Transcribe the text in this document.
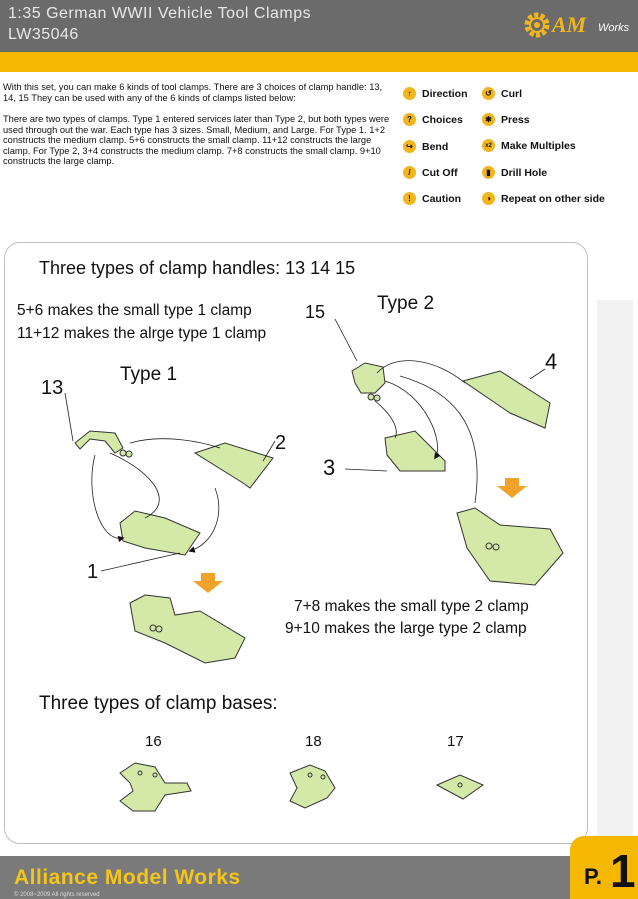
1:35 German WWII Vehicle Tool Clamps
LW35046	AM Works

With this set, you can make 6 kinds of tool clamps. There are 3 choices of clamp handle: 13, 14, 15 They can be used with any of the 6 kinds of clamps listed below:

There are two types of clamps. Type 1 entered services later than Type 2, but both types were used through out the war. Each type has 3 sizes. Small, Medium, and Large. For Type 1. 1+2 constructs the medium clamp. 5+6 constructs the small clamp. 11+12 constructs the large clamp. For Type 2, 3+4 constructs the medium clamp. 7+8 constructs the small clamp. 9+10 constructs the large clamp.

↑	Direction	↺ Curl
? Choices	✱ Press
↪ Bend	x2 Make Multiples
/	Cut Off	▮ Drill Hole
!	Caution	◑ Repeat on other side
Three types of clamp handles: 13 14 15
5+6 makes the small type 1 clamp
11+12 makes the alrge type 1 clamp
15	Type 2
Type 1
13
4
2
3
1
7+8 makes the small type 2 clamp
9+10 makes the large type 2 clamp
Three types of clamp bases:
16	18	17
Alliance Model Works
© 2008~2009 All rights reserved
P. 1
